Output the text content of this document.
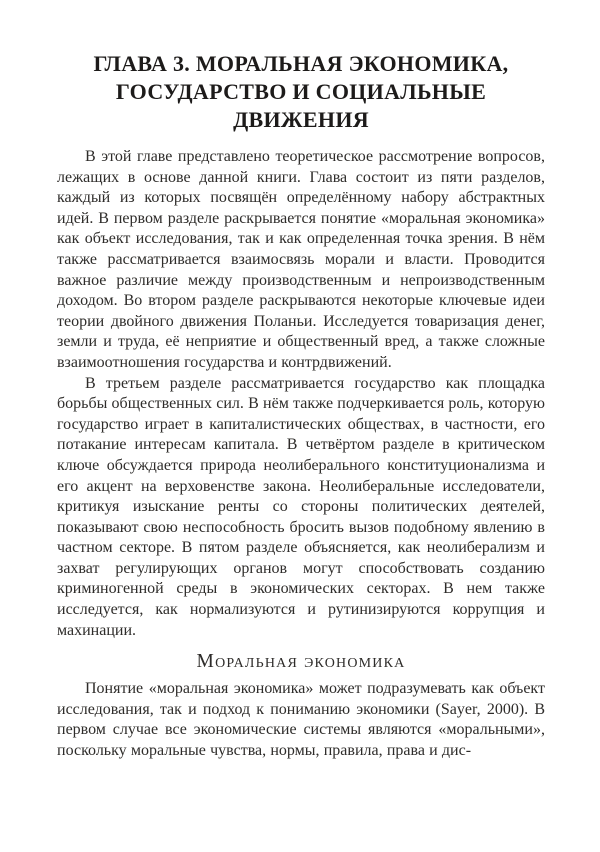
ГЛАВА 3. МОРАЛЬНАЯ ЭКОНОМИКА, ГОСУДАРСТВО И СОЦИАЛЬНЫЕ ДВИЖЕНИЯ

В этой главе представлено теоретическое рассмотрение вопросов, лежащих в основе данной книги. Глава состоит из пяти разделов, каждый из которых посвящён определённому набору абстрактных идей. В первом разделе раскрывается понятие «моральная экономика» как объект исследования, так и как определенная точка зрения. В нём также рассматривается взаимосвязь морали и власти. Проводится важное различие между производственным и непроизводственным доходом. Во втором разделе раскрываются некоторые ключевые идеи теории двойного движения Поланьи. Исследуется товаризация денег, земли и труда, её неприятие и общественный вред, а также сложные взаимоотношения государства и контрдвижений.

В третьем разделе рассматривается государство как площадка борьбы общественных сил. В нём также подчеркивается роль, которую государство играет в капиталистических обществах, в частности, его потакание интересам капитала. В четвёртом разделе в критическом ключе обсуждается природа неолиберального конституционализма и его акцент на верховенстве закона. Неолиберальные исследователи, критикуя изыскание ренты со стороны политических деятелей, показывают свою неспособность бросить вызов подобному явлению в частном секторе. В пятом разделе объясняется, как неолиберализм и захват регулирующих органов могут способствовать созданию криминогенной среды в экономических секторах. В нем также исследуется, как нормализуются и рутинизируются коррупция и махинации.

Моральная экономика

Понятие «моральная экономика» может подразумевать как объект исследования, так и подход к пониманию экономики (Sayer, 2000). В первом случае все экономические системы являются «моральными», поскольку моральные чувства, нормы, правила, права и дис-
